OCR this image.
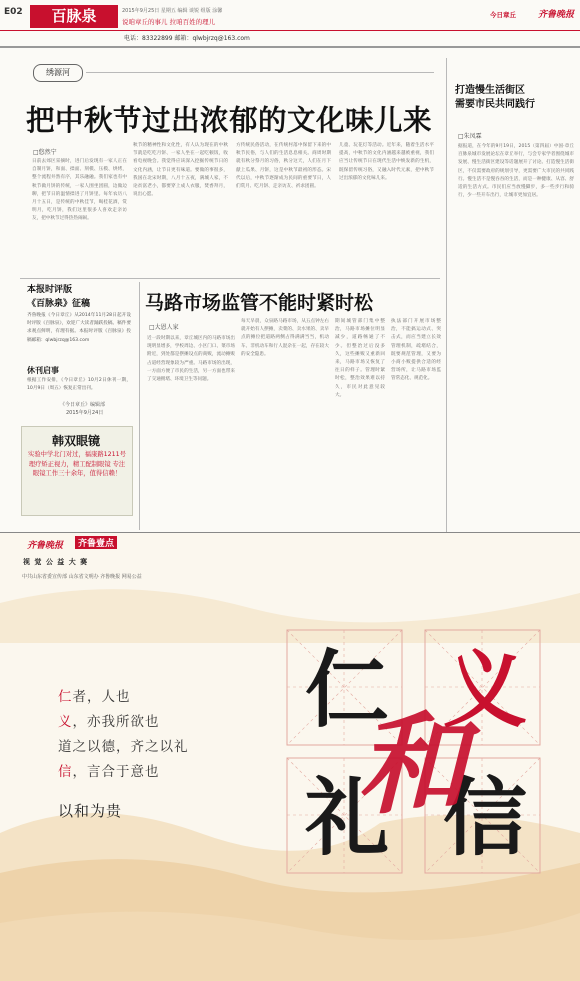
E02	百脉泉	2015年9月25日 星期五 编辑 谈锐 组版 涂馨
说咱章丘的事儿 拉咱百姓的理儿
电话：83322899 邮箱：qlwbjrzq@163.com
今日章丘 齐鲁晚报
绣源河
把中秋节过出浓郁的文化味儿来
□悠然宁
日前去郊区采摘时，进门后发现有一家人正在自制月饼，和面、揉面、刻模、压模、烘烤，整个流程井然有序，其乐融融。我们家也有中秋节做月饼的传统，一家人围坐团圆，边做边聊，把节日的温情揉进了月饼里。每年农历八月十五日，是传统的中秋佳节，喝桂花酒，赏明月，吃月饼，我们这里很多人喜欢走亲访友，把中秋节过得热热闹闹。
秋节的精神性和文化性，有人认为现在的中秋节就是吃吃月饼、一家人坐在一起吃顿饭，收看电视晚会。我觉得应该深入挖掘传统节日的文化内涵，让节日更有味道。要做的事很多，我国在北宋时期，八月十五夜，满城人家，不论贫富老小，都要穿上成人衣服，焚香拜月，说出心愿。
方传统民俗活动，在传统村落中保留下来的中秋节民俗，与人们的生活息息相关。商周时期就有秋分祭月的习俗，秋分这天，人们在月下献上瓜果、月饼，这是中秋节最初的形态。宋代以后，中秋节逐渐成为民间的重要节日，人们赏月、吃月饼、走亲访友、祈求团圆。
儿童、玩花灯等活动。近年来，随着生活水平提高，中秋节的文化内涵越来越被重视，我们应当让传统节日在现代生活中焕发新的生机，既保留传统习俗，又融入时代元素，把中秋节过出浓郁的文化味儿来。
打造慢生活街区
需要市民共同践行
□朱凤霖
据报道，在今年的9月19日，2015（第四届）中国·章丘百脉泉城市发展论坛在章丘举行，与会专家学者围绕城市发展、慢生活街区建设等话题展开了讨论。打造慢生活街区，不仅需要政府的规划引导，更需要广大市民的共同践行。慢生活不是慢吞吞的生活，而是一种健康、从容、舒适的生活方式。市民们应当放慢脚步，多一些步行和骑行，少一些开车出行，让城市更加宜居。
本报时评版
《百脉泉》征稿
齐鲁晚报《今日章丘》从2014年11月28日起开设时评版《百脉泉》，欢迎广大读者踊跃投稿。稿件要求观点鲜明，有理有据。本报时评版《百脉泉》投稿邮箱：qlwbjrzq@163.com
休刊启事
根据工作安排，《今日章丘》10月2日休刊一期，10月9日（周五）恢复正常出刊。
《今日章丘》编辑部
2015年9月24日
韩双眼镜
实验中学北门对过，福康路1211号 理疗矫正视力，精工配制眼镜 专注眼镜工作三十余年，值得信赖！
马路市场监管不能时紧时松
□大恩人家
近一段时期以来，章丘城区内的马路市场出现明显增多，学校周边、小区门口、菜市场附近，到处都是摆摊设点的商贩，流动摊贩占道经营现象较为严重。马路市场的出现，一方面方便了市民的生活，另一方面也带来了交通拥堵、环境卫生等问题。
每天早晨，众泉路马路市场，从五点钟左右就开始有人摆摊，卖菜的、卖水果的、卖早点的摊位把道路两侧占得满满当当，机动车、非机动车和行人混杂在一起，存在较大的安全隐患。
期间城管部门集中整治，马路市场摊位明显减少，道路畅通了不少。但整治过后没多久，这些摊贩又重新回来，马路市场又恢复了往日的样子。管理时紧时松，整治效果难以持久，市民对此意见较大。
执法部门开展市场整治，不能搞运动式、突击式，而应当建立长效管理机制，疏堵结合，既要规范管理，又要为小商小贩提供合适的经营场所，让马路市场监管常态化、规范化。
齐鲁晚报	齐鲁壹点
视 觉 公 益 大 赛
中共山东省委宣传部 山东省文明办 齐鲁晚报 网易公益
仁者，人也
义，亦我所欲也
道之以德，齐之以礼
信，言合于意也
以和为贵
仁 义
礼 信
和
